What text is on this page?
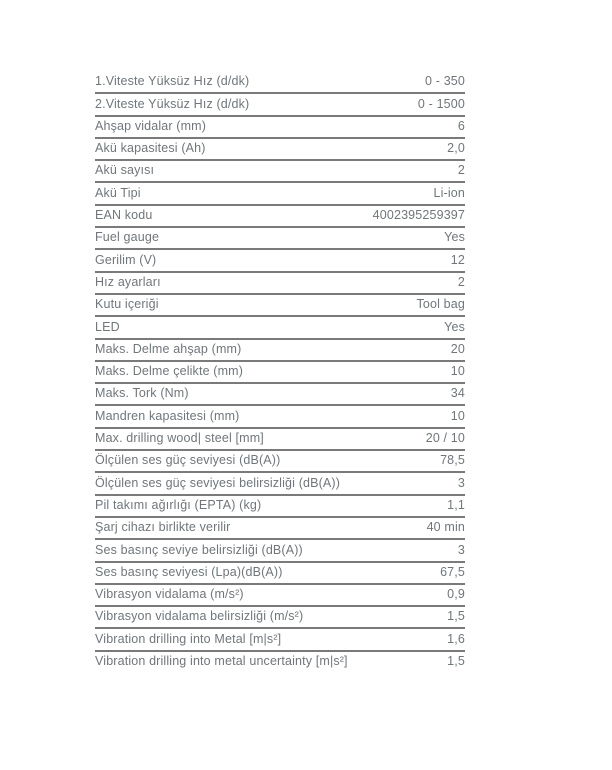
1.Viteste Yüksüz Hız (d/dk)	0 - 350
2.Viteste Yüksüz Hız (d/dk)	0 - 1500
Ahşap vidalar (mm)	6
Akü kapasitesi (Ah)	2,0
Akü sayısı	2
Akü Tipi	Li-ion
EAN kodu	4002395259397
Fuel gauge	Yes
Gerilim (V)	12
Hız ayarları	2
Kutu içeriği	Tool bag
LED	Yes
Maks. Delme ahşap (mm)	20
Maks. Delme çelikte (mm)	10
Maks. Tork (Nm)	34
Mandren kapasitesi (mm)	10
Max. drilling wood| steel [mm]	20 / 10
Ölçülen ses güç seviyesi (dB(A))	78,5
Ölçülen ses güç seviyesi belirsizliği (dB(A))	3
Pil takımı ağırlığı (EPTA) (kg)	1,1
Şarj cihazı birlikte verilir	40 min
Ses basınç seviye belirsizliği (dB(A))	3
Ses basınç seviyesi (Lpa)(dB(A))	67,5
Vibrasyon vidalama (m/s²)	0,9
Vibrasyon vidalama belirsizliği (m/s²)	1,5
Vibration drilling into Metal [m|s²]	1,6
Vibration drilling into metal uncertainty [m|s²]	1,5
